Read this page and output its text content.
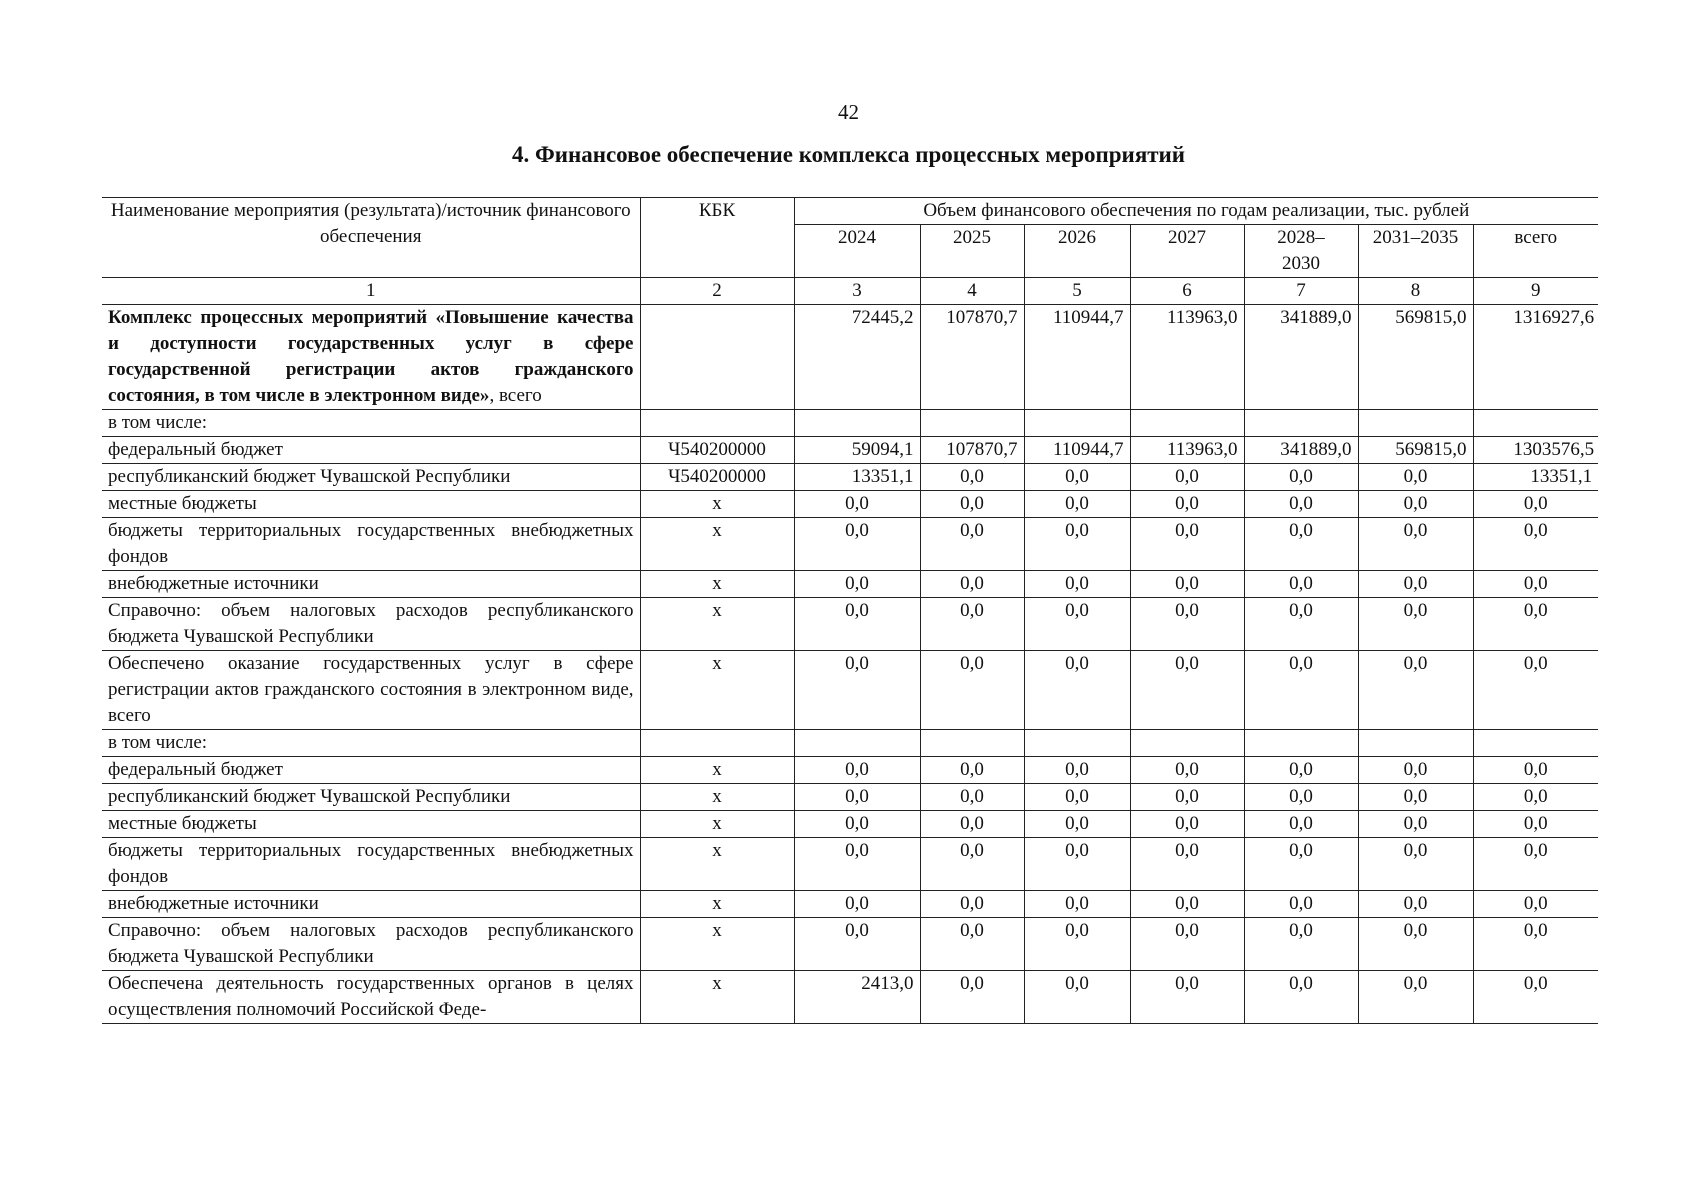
42
4. Финансовое обеспечение комплекса процессных мероприятий
Наименование мероприятия (результата)/источник финансового обеспечения	КБК	Объем финансового обеспечения по годам реализации, тыс. рублей						
		2024	2025	2026	2027	2028–2030	2031–2035	всего
1	2	3	4	5	6	7	8	9
Комплекс процессных мероприятий «Повышение качества и доступности государственных услуг в сфере государственной регистрации актов гражданского состояния, в том числе в электронном виде», всего		72445,2	107870,7	110944,7	113963,0	341889,0	569815,0	1316927,6
в том числе:								
федеральный бюджет	Ч540200000	59094,1	107870,7	110944,7	113963,0	341889,0	569815,0	1303576,5
республиканский бюджет Чувашской Республики	Ч540200000	13351,1	0,0	0,0	0,0	0,0	0,0	13351,1
местные бюджеты	х	0,0	0,0	0,0	0,0	0,0	0,0	0,0
бюджеты территориальных государственных внебюджетных фондов	х	0,0	0,0	0,0	0,0	0,0	0,0	0,0
внебюджетные источники	х	0,0	0,0	0,0	0,0	0,0	0,0	0,0
Справочно: объем налоговых расходов республиканского бюджета Чувашской Республики	х	0,0	0,0	0,0	0,0	0,0	0,0	0,0
Обеспечено оказание государственных услуг в сфере регистрации актов гражданского состояния в электронном виде, всего	х	0,0	0,0	0,0	0,0	0,0	0,0	0,0
в том числе:								
федеральный бюджет	х	0,0	0,0	0,0	0,0	0,0	0,0	0,0
республиканский бюджет Чувашской Республики	х	0,0	0,0	0,0	0,0	0,0	0,0	0,0
местные бюджеты	х	0,0	0,0	0,0	0,0	0,0	0,0	0,0
бюджеты территориальных государственных внебюджетных фондов	х	0,0	0,0	0,0	0,0	0,0	0,0	0,0
внебюджетные источники	х	0,0	0,0	0,0	0,0	0,0	0,0	0,0
Справочно: объем налоговых расходов республиканского бюджета Чувашской Республики	х	0,0	0,0	0,0	0,0	0,0	0,0	0,0
Обеспечена деятельность государственных органов в целях осуществления полномочий Российской Феде-	х	2413,0	0,0	0,0	0,0	0,0	0,0	0,0
